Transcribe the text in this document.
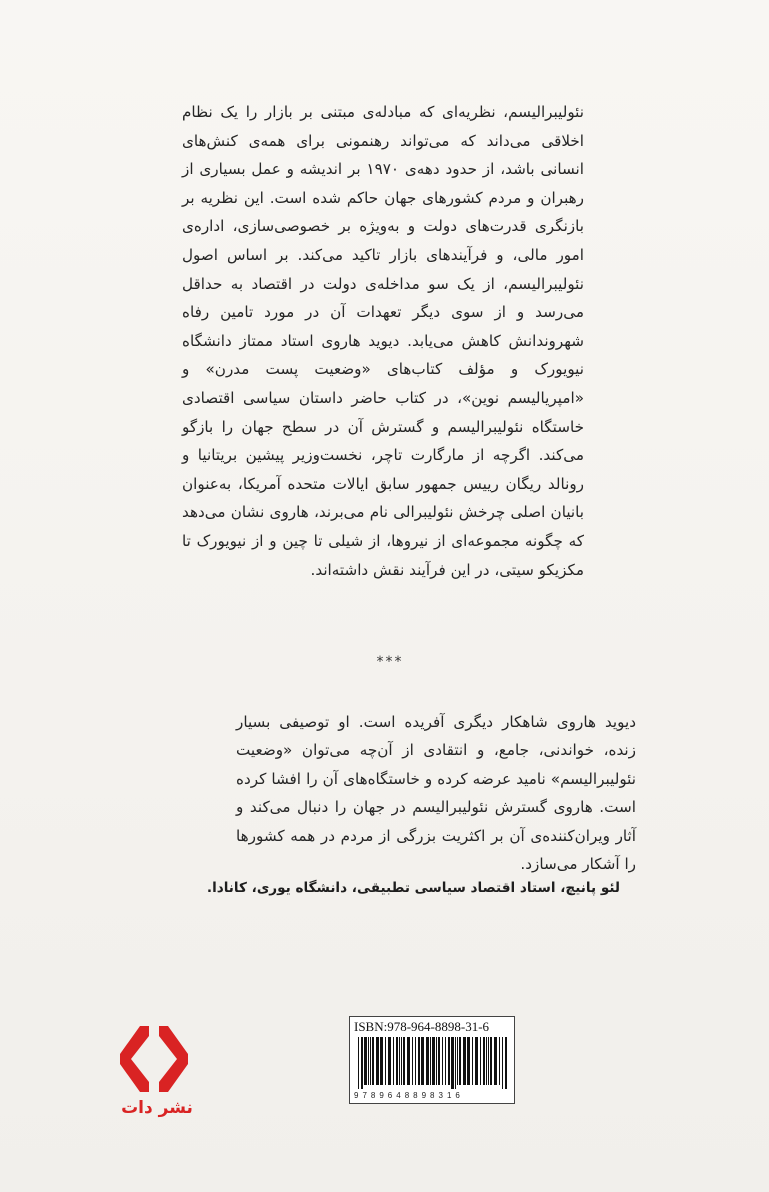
نئولیبرالیسم، نظریه‌ای که مبادله‌ی مبتنی بر بازار را یک نظام اخلاقی می‌داند که می‌تواند رهنمونی برای همه‌ی کنش‌های انسانی باشد، از حدود دهه‌ی ۱۹۷۰ بر اندیشه و عمل بسیاری از رهبران و مردم کشورهای جهان حاکم شده است. این نظریه بر بازنگری قدرت‌های دولت و به‌ویژه بر خصوصی‌سازی، اداره‌ی امور مالی، و فرآیندهای بازار تاکید می‌کند. بر اساس اصول نئولیبرالیسم، از یک سو مداخله‌ی دولت در اقتصاد به حداقل می‌رسد و از سوی دیگر تعهدات آن در مورد تامین رفاه شهروندانش کاهش می‌یابد. دیوید هاروی استاد ممتاز دانشگاه نیویورک و مؤلف کتاب‌های «وضعیت پست مدرن» و «امپریالیسم نوین»، در کتاب حاضر داستان سیاسی اقتصادی خاستگاه نئولیبرالیسم و گسترش آن در سطح جهان را بازگو می‌کند. اگرچه از مارگارت تاچر، نخست‌وزیر پیشین بریتانیا و رونالد ریگان رییس جمهور سابق ایالات متحده آمریکا، به‌عنوان بانیان اصلی چرخش نئولیبرالی نام می‌برند، هاروی نشان می‌دهد که چگونه مجموعه‌ای از نیروها، از شیلی تا چین و از نیویورک تا مکزیکو سیتی، در این فرآیند نقش داشته‌اند.
***
دیوید هاروی شاهکار دیگری آفریده است. او توصیفی بسیار زنده، خواندنی، جامع، و انتقادی از آن‌چه می‌توان «وضعیت نئولیبرالیسم» نامید عرضه کرده و خاستگاه‌های آن را افشا کرده است. هاروی گسترش نئولیبرالیسم در جهان را دنبال می‌کند و آثار ویران‌کننده‌ی آن بر اکثریت بزرگی از مردم در همه کشورها را آشکار می‌سازد.
لئو پانیچ، استاد اقتصاد سیاسی تطبیقی، دانشگاه یوری، کانادا.
ISBN:978-964-8898-31-6
9789648898316
نشر دات
